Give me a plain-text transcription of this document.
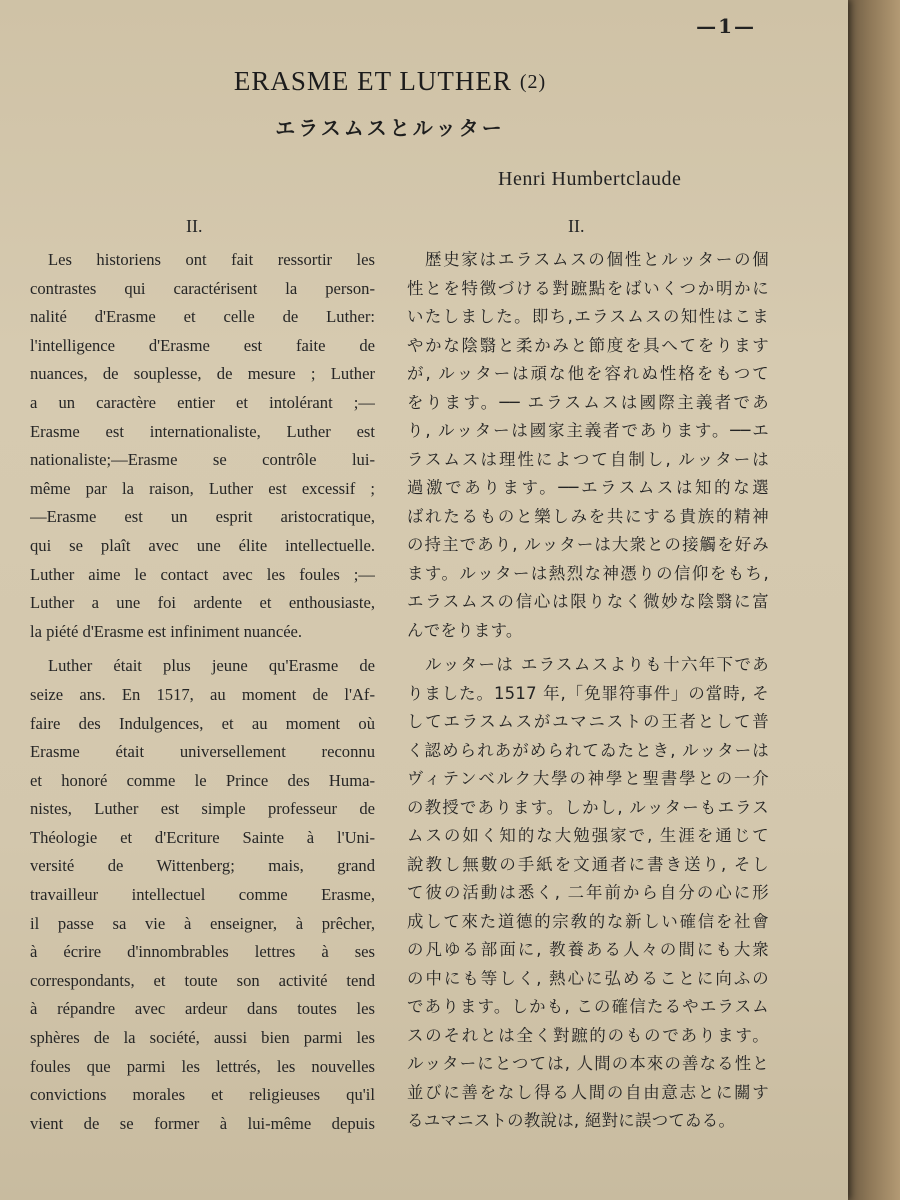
—1—
ERASME ET LUTHER (2)
エラスムスとルッター
Henri Humbertclaude
II.	II.
Les historiens ont fait ressortir les
contrastes qui caractérisent la person-
nalité d'Erasme et celle de Luther:
l'intelligence d'Erasme est faite de
nuances, de souplesse, de mesure ; Luther
a un caractère entier et intolérant ;—
Erasme est internationaliste, Luther est
nationaliste;—Erasme se contrôle lui-
même par la raison, Luther est excessif ;
—Erasme est un esprit aristocratique,
qui se plaît avec une élite intellectuelle.
Luther aime le contact avec les foules ;—
Luther a une foi ardente et enthousiaste,
la piété d'Erasme est infiniment nuancée.
Luther était plus jeune qu'Erasme de
seize ans. En 1517, au moment de l'Af-
faire des Indulgences, et au moment où
Erasme était universellement reconnu
et honoré comme le Prince des Huma-
nistes, Luther est simple professeur de
Théologie et d'Ecriture Sainte à l'Uni-
versité de Wittenberg; mais, grand
travailleur intellectuel comme Erasme,
il passe sa vie à enseigner, à prêcher,
à écrire d'innombrables lettres à ses
correspondants, et toute son activité tend
à répandre avec ardeur dans toutes les
sphères de la société, aussi bien parmi les
foules que parmi les lettrés, les nouvelles
convictions morales et religieuses qu'il
vient de se former à lui-même depuis
歴史家はエラスムスの個性とルッターの個
性とを特徴づける對蹠點をばいくつか明かに
いたしました。即ち,エラスムスの知性はこま
やかな陰翳と柔かみと節度を具へてをります
が, ルッターは頑な他を容れぬ性格をもつて
をります。── エラスムスは國際主義者であ
り, ルッターは國家主義者であります。──エ
ラスムスは理性によつて自制し, ルッターは
過激であります。──エラスムスは知的な選
ばれたるものと樂しみを共にする貴族的精神
の持主であり, ルッターは大衆との接觸を好み
ます。ルッターは熱烈な神憑りの信仰をもち,
エラスムスの信心は限りなく微妙な陰翳に富
んでをります。
ルッターは エラスムスよりも十六年下であ
りました。1517 年,「免罪符事件」の當時, そ
してエラスムスがユマニストの王者として普
く認められあがめられてゐたとき, ルッターは
ヴィテンベルク大學の神學と聖書學との一介
の教授であります。しかし, ルッターもエラス
ムスの如く知的な大勉强家で, 生涯を通じて
說教し無數の手紙を文通者に書き送り, そし
て彼の活動は悉く, 二年前から自分の心に形
成して來た道德的宗敎的な新しい確信を社會
の凡ゆる部面に, 教養ある人々の間にも大衆
の中にも等しく, 熱心に弘めることに向ふの
であります。しかも, この確信たるやエラスム
スのそれとは全く對蹠的のものであります。
ルッターにとつては, 人間の本來の善なる性と
並びに善をなし得る人間の自由意志とに關す
るユマニストの教說は, 絕對に誤つてゐる。
